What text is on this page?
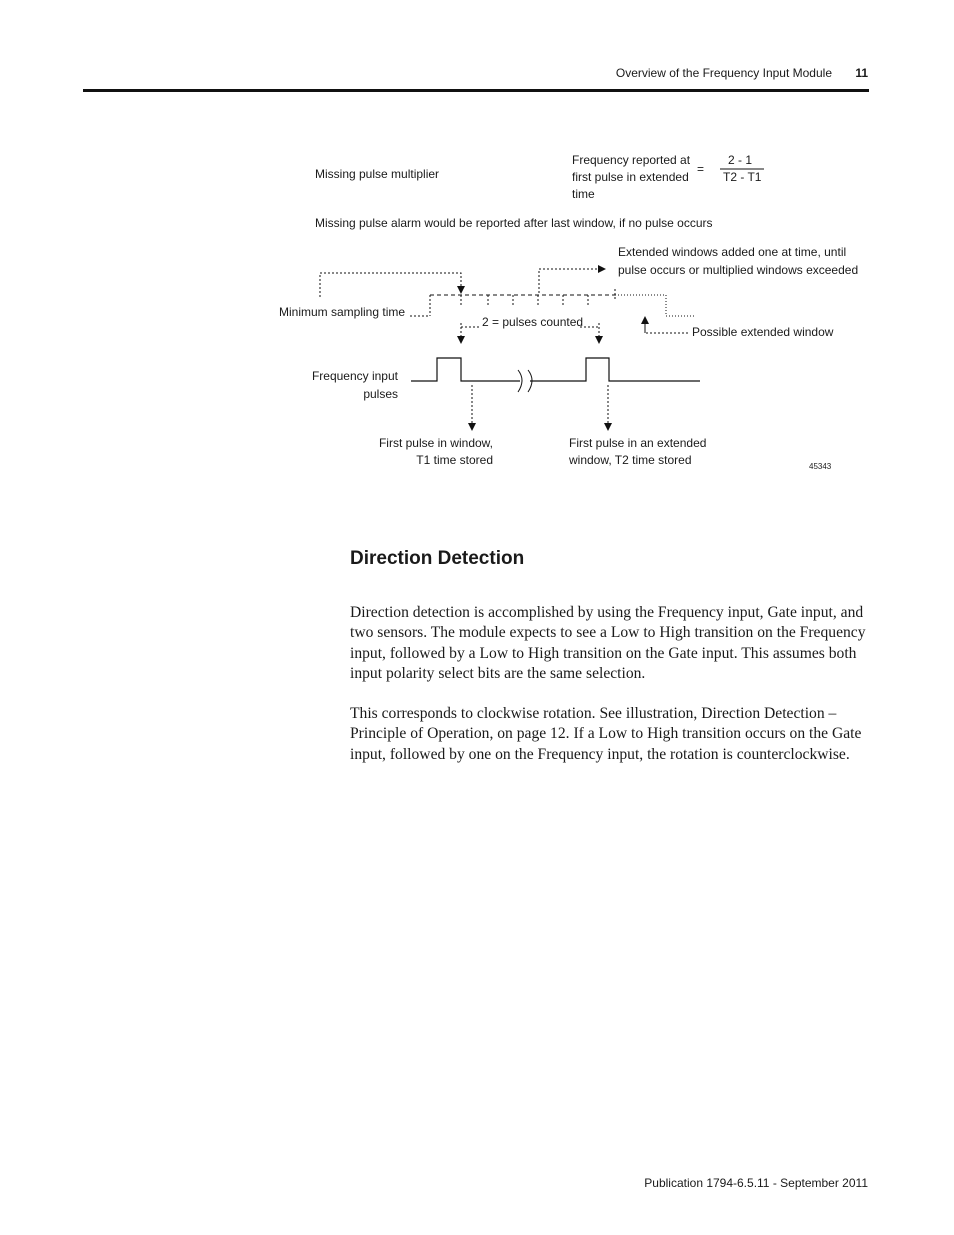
Overview of the Frequency Input Module	11
Missing pulse multiplier
Frequency reported at
first pulse in extended
time
=
2 - 1
T2 - T1
Missing pulse alarm would be reported after last window, if no pulse occurs
Extended windows added one at time, until
pulse occurs or multiplied windows exceeded
Minimum sampling time
2 = pulses counted
Possible extended window
Frequency input
pulses
First pulse in window,
T1 time stored
First pulse in an extended
window, T2 time stored	45343
Direction Detection

Direction detection is accomplished by using the Frequency input, Gate input, and two sensors. The module expects to see a Low to High transition on the Frequency input, followed by a Low to High transition on the Gate input. This assumes both input polarity select bits are the same selection.

This corresponds to clockwise rotation. See illustration, Direction Detection – Principle of Operation, on page 12. If a Low to High transition occurs on the Gate input, followed by one on the Frequency input, the rotation is counterclockwise.

Publication 1794-6.5.11 - September 2011
